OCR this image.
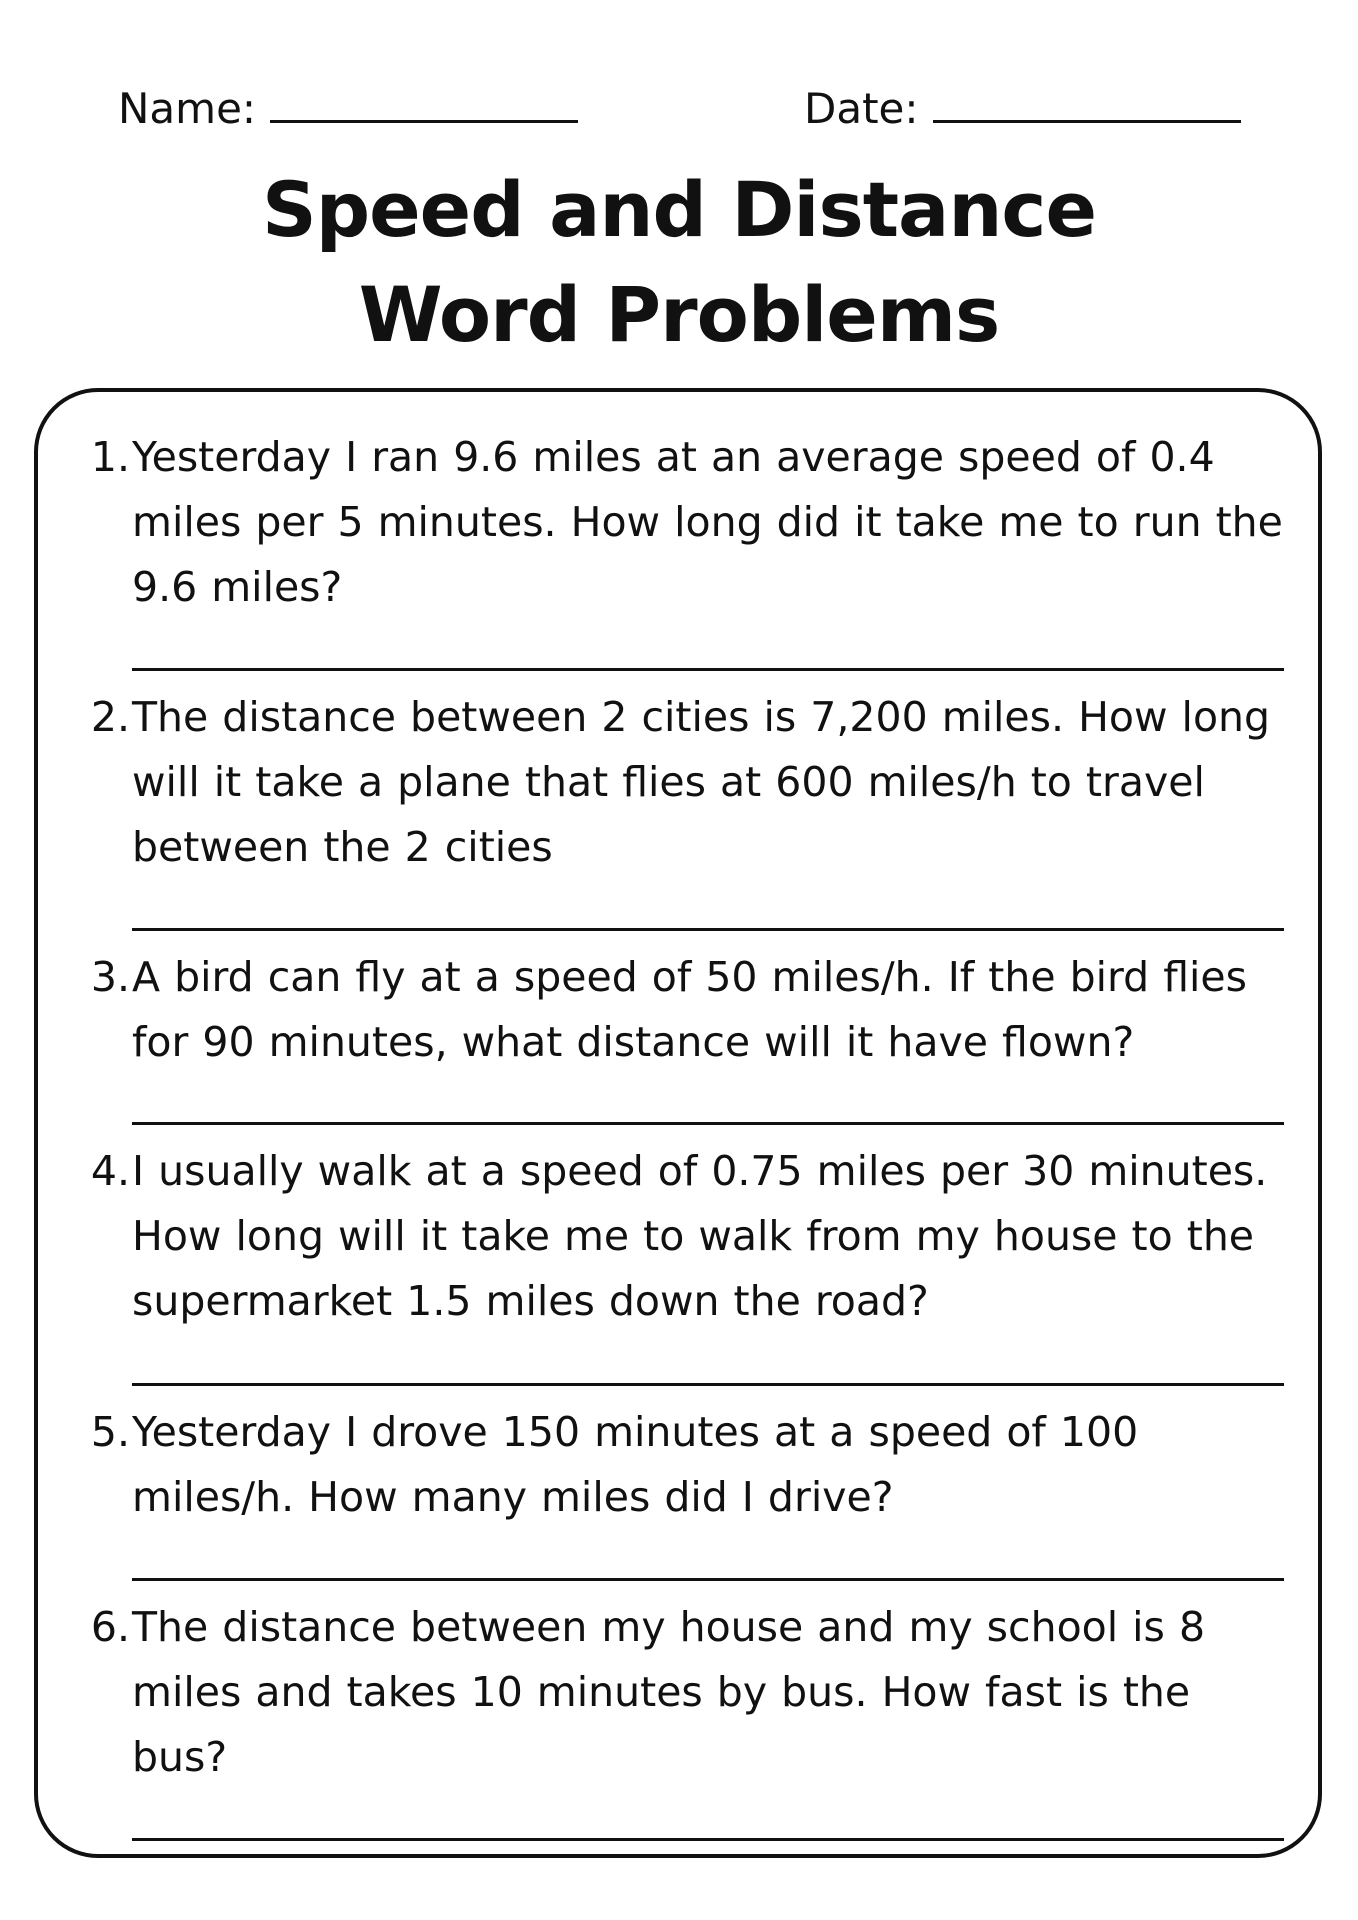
Name:	Date:
Speed and Distance
Word Problems
1. Yesterday I ran 9.6 miles at an average speed of 0.4
miles per 5 minutes. How long did it take me to run the
9.6 miles?
2. The distance between 2 cities is 7,200 miles. How long
will it take a plane that flies at 600 miles/h to travel
between the 2 cities
3. A bird can fly at a speed of 50 miles/h. If the bird flies
for 90 minutes, what distance will it have flown?
4. I usually walk at a speed of 0.75 miles per 30 minutes.
How long will it take me to walk from my house to the
supermarket 1.5 miles down the road?
5. Yesterday I drove 150 minutes at a speed of 100
miles/h. How many miles did I drive?
6. The distance between my house and my school is 8
miles and takes 10 minutes by bus. How fast is the
bus?
